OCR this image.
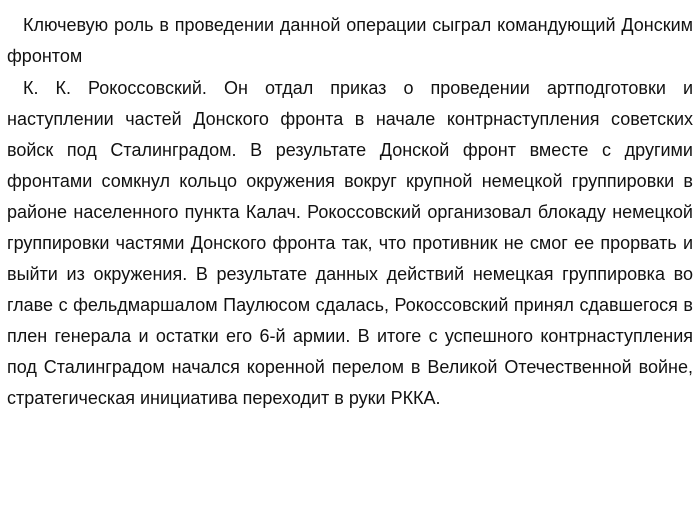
Ключевую роль в проведении данной операции сыграл командующий Донским фронтом

К. К. Рокоссовский. Он отдал приказ о проведении артподготовки и наступлении частей Донского фронта в начале контрнаступления советских войск под Сталинградом. В результате Донской фронт вместе с другими фронтами сомкнул кольцо окружения вокруг крупной немецкой группировки в районе населенного пункта Калач. Рокоссовский организовал блокаду немецкой группировки частями Донского фронта так, что противник не смог ее прорвать и выйти из окружения. В результате данных действий немецкая группировка во главе с фельдмаршалом Паулюсом сдалась, Рокоссовский принял сдавшегося в плен генерала и остатки его 6-й армии. В итоге с успешного контрнаступления под Сталинградом начался коренной перелом в Великой Отечественной войне, стратегическая инициатива переходит в руки РККА.
